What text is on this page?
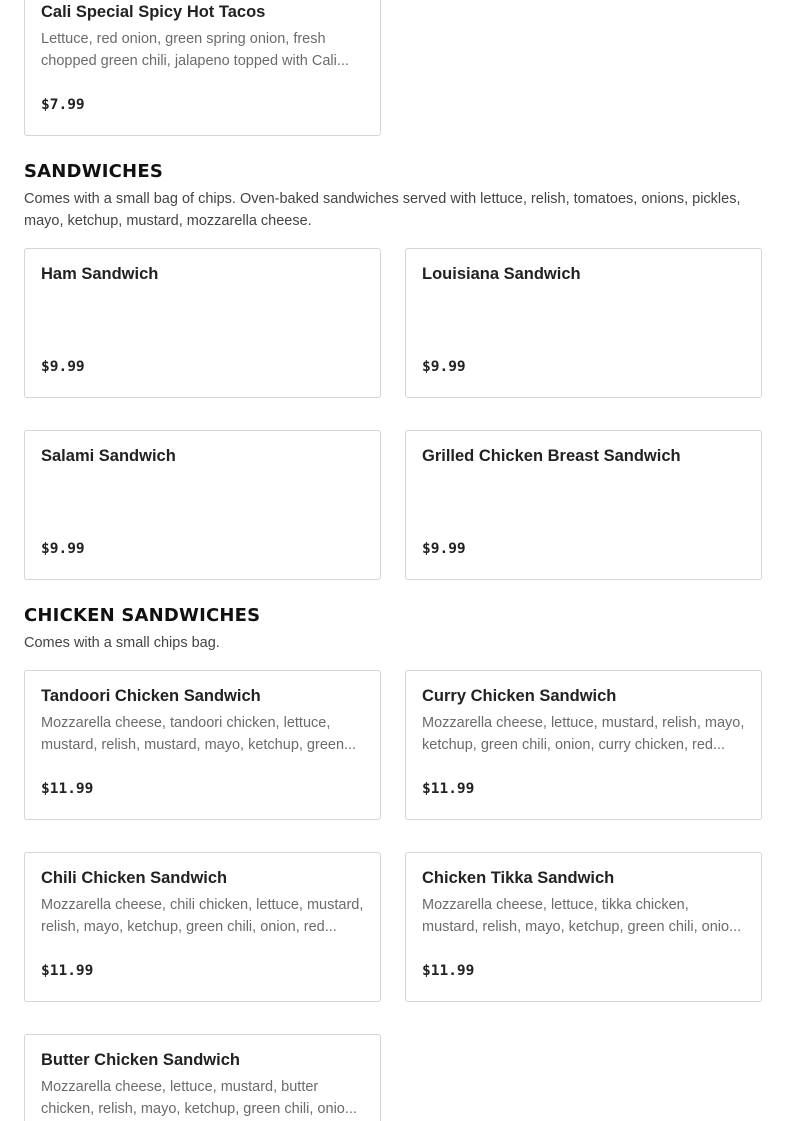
Cali Special Spicy Hot Tacos
Lettuce, red onion, green spring onion, fresh chopped green chili, jalapeno topped with Cali...
$7.99
SANDWICHES
Comes with a small bag of chips. Oven-baked sandwiches served with lettuce, relish, tomatoes, onions, pickles, mayo, ketchup, mustard, mozzarella cheese.
Ham Sandwich
$9.99
Louisiana Sandwich
$9.99
Salami Sandwich
$9.99
Grilled Chicken Breast Sandwich
$9.99
CHICKEN SANDWICHES
Comes with a small chips bag.
Tandoori Chicken Sandwich
Mozzarella cheese, tandoori chicken, lettuce, mustard, relish, mustard, mayo, ketchup, green...
$11.99
Curry Chicken Sandwich
Mozzarella cheese, lettuce, mustard, relish, mayo, ketchup, green chili, onion, curry chicken, red...
$11.99
Chili Chicken Sandwich
Mozzarella cheese, chili chicken, lettuce, mustard, relish, mayo, ketchup, green chili, onion, red...
$11.99
Chicken Tikka Sandwich
Mozzarella cheese, lettuce, tikka chicken, mustard, relish, mayo, ketchup, green chili, onio...
$11.99
Butter Chicken Sandwich
Mozzarella cheese, lettuce, mustard, butter chicken, relish, mayo, ketchup, green chili, onio...
